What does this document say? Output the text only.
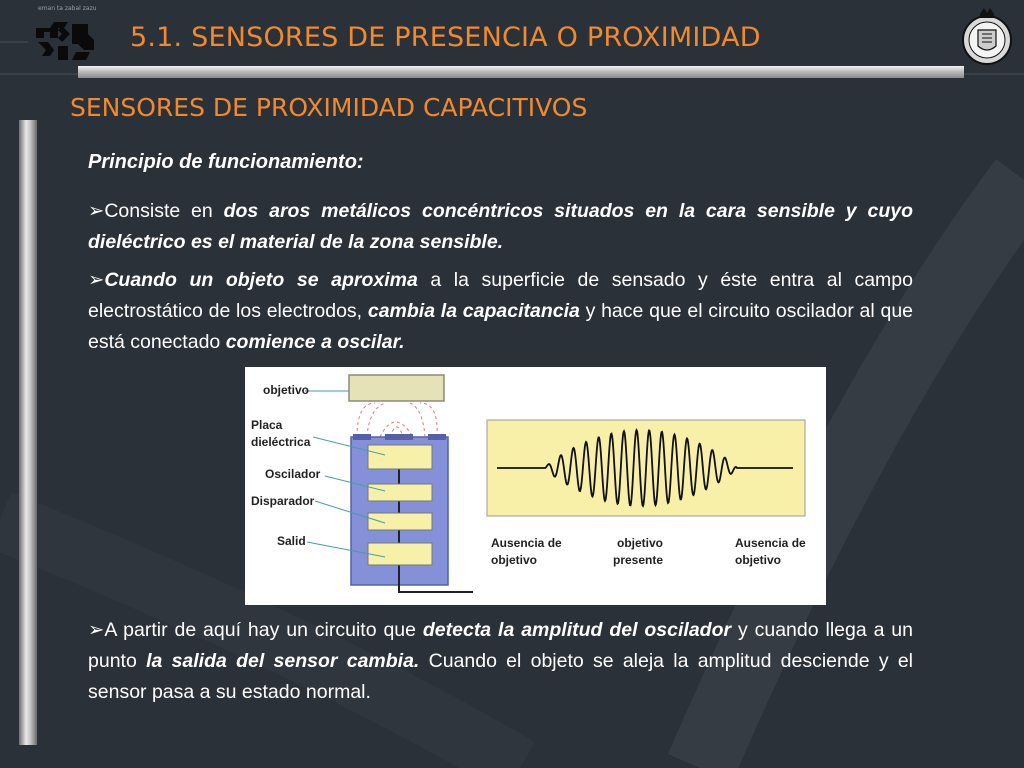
eman ta zabal zazu
5.1. SENSORES DE PRESENCIA O PROXIMIDAD
SENSORES DE PROXIMIDAD CAPACITIVOS
Principio de funcionamiento:
➢Consiste en dos aros metálicos concéntricos situados en la cara sensible y cuyo dieléctrico es el material de la zona sensible.
➢Cuando un objeto se aproxima a la superficie de sensado y éste entra al campo electrostático de los electrodos, cambia la capacitancia y hace que el circuito oscilador al que está conectado comience a oscilar.
objetivo
Placa
dieléctrica
Oscilador
Disparador
Salid	Ausencia de
objetivo
objetivo
presente
Ausencia de
objetivo
➢A partir de aquí hay un circuito que detecta la amplitud del oscilador y cuando llega a un punto la salida del sensor cambia. Cuando el objeto se aleja la amplitud desciende y el sensor pasa a su estado normal.
